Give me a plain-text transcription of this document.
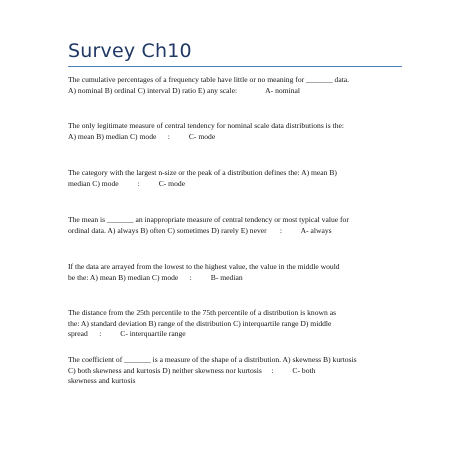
Survey Ch10

The cumulative percentages of a frequency table have little or no meaning for _______ data.
A) nominal B) ordinal C) interval D) ratio E) any scale:               A- nominal

The only legitimate measure of central tendency for nominal scale data distributions is the:
A) mean B) median C) mode      :          C- mode

The category with the largest n-size or the peak of a distribution defines the: A) mean B)
median C) mode          :          C- mode

The mean is _______ an inappropriate measure of central tendency or most typical value for
ordinal data. A) always B) often C) sometimes D) rarely E) never       :          A- always

If the data are arrayed from the lowest to the highest value, the value in the middle would
be the: A) mean B) median C) mode      :          B- median

The distance from the 25th percentile to the 75th percentile of a distribution is known as
the: A) standard deviation B) range of the distribution C) interquartile range D) middle
spread      :          C- interquartile range

The coefficient of _______ is a measure of the shape of a distribution. A) skewness B) kurtosis
C) both skewness and kurtosis D) neither skewness nor kurtosis     :          C- both
skewness and kurtosis
